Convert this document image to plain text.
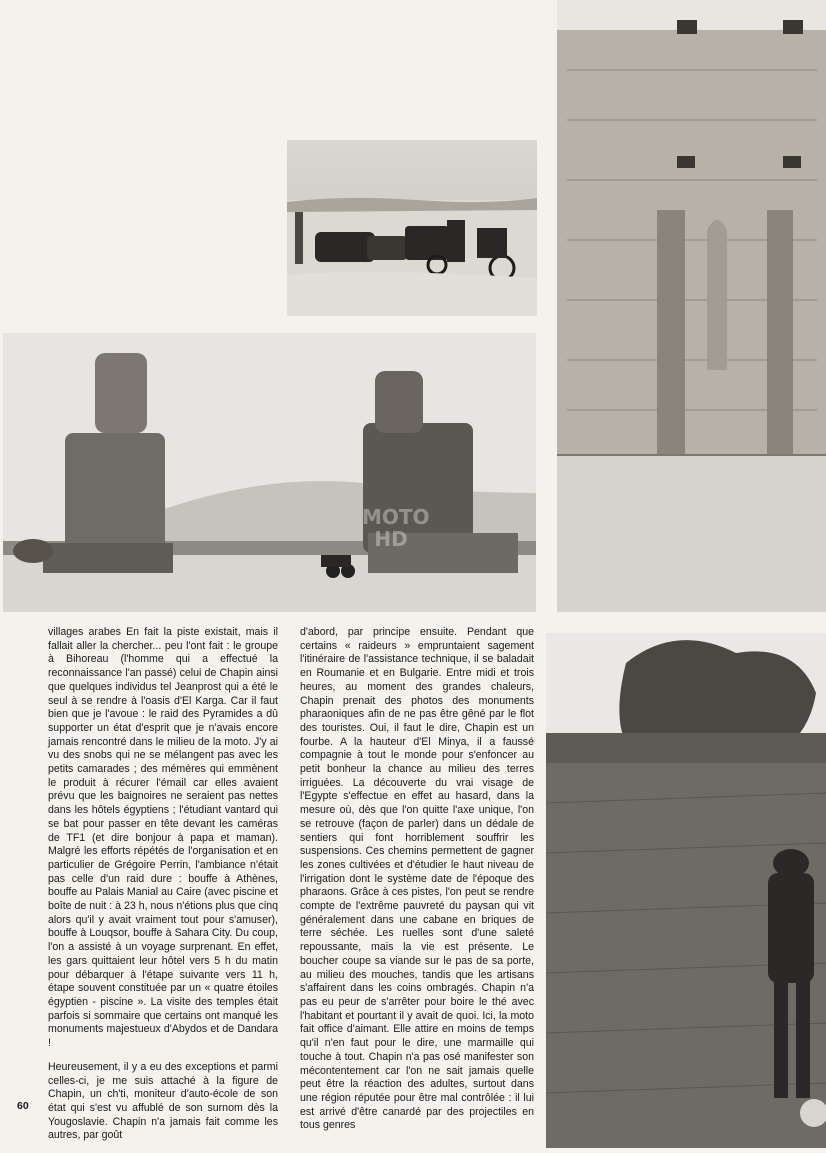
MOTO
HD

villages arabes En fait la piste existait, mais il fallait aller la chercher... peu l'ont fait : le groupe à Bihoreau (l'homme qui a effectué la reconnaissance l'an passé) celui de Chapin ainsi que quelques individus tel Jeanprost qui a été le seul à se rendre à l'oasis d'El Karga. Car il faut bien que je l'avoue : le raid des Pyramides a dû supporter un état d'esprit que je n'avais encore jamais rencontré dans le milieu de la moto. J'y ai vu des snobs qui ne se mélangent pas avec les petits camarades ; des mémères qui emmènent le produit à récurer l'émail car elles avaient prévu que les baignoires ne seraient pas nettes dans les hôtels égyptiens ; l'étudiant vantard qui se bat pour passer en tête devant les caméras de TF1 (et dire bonjour à papa et maman). Malgré les efforts répétés de l'organisation et en particulier de Grégoire Perrin, l'ambiance n'était pas celle d'un raid dure : bouffe à Athènes, bouffe au Palais Manial au Caire (avec piscine et boîte de nuit : à 23 h, nous n'étions plus que cinq alors qu'il y avait vraiment tout pour s'amuser), bouffe à Louqsor, bouffe à Sahara City. Du coup, l'on a assisté à un voyage surprenant. En effet, les gars quittaient leur hôtel vers 5 h du matin pour débarquer à l'étape suivante vers 11 h, étape souvent constituée par un « quatre étoiles égyptien - piscine ». La visite des temples était parfois si sommaire que certains ont manqué les monuments majestueux d'Abydos et de Dandara !

Heureusement, il y a eu des exceptions et parmi celles-ci, je me suis attaché à la figure de Chapin, un ch'ti, moniteur d'auto-école de son état qui s'est vu affublé de son surnom dès la Yougoslavie. Chapin n'a jamais fait comme les autres, par goût

d'abord, par principe ensuite. Pendant que certains « raideurs » empruntaient sagement l'itinéraire de l'assistance technique, il se baladait en Roumanie et en Bulgarie. Entre midi et trois heures, au moment des grandes chaleurs, Chapin prenait des photos des monuments pharaoniques afin de ne pas être gêné par le flot des touristes. Oui, il faut le dire, Chapin est un fourbe. A la hauteur d'El Minya, il a faussé compagnie à tout le monde pour s'enfoncer au petit bonheur la chance au milieu des terres irriguées. La découverte du vrai visage de l'Egypte s'effectue en effet au hasard, dans la mesure où, dès que l'on quitte l'axe unique, l'on se retrouve (façon de parler) dans un dédale de sentiers qui font horriblement souffrir les suspensions. Ces chemins permettent de gagner les zones cultivées et d'étudier le haut niveau de l'irrigation dont le système date de l'époque des pharaons. Grâce à ces pistes, l'on peut se rendre compte de l'extrême pauvreté du paysan qui vit généralement dans une cabane en briques de terre séchée. Les ruelles sont d'une saleté repoussante, mais la vie est présente. Le boucher coupe sa viande sur le pas de sa porte, au milieu des mouches, tandis que les artisans s'affairent dans les coins ombragés. Chapin n'a pas eu peur de s'arrêter pour boire le thé avec l'habitant et pourtant il y avait de quoi. Ici, la moto fait office d'aimant. Elle attire en moins de temps qu'il n'en faut pour le dire, une marmaille qui touche à tout. Chapin n'a pas osé manifester son mécontentement car l'on ne sait jamais quelle peut être la réaction des adultes, surtout dans une région réputée pour être mal contrôlée : il lui est arrivé d'être canardé par des projectiles en tous genres

60
